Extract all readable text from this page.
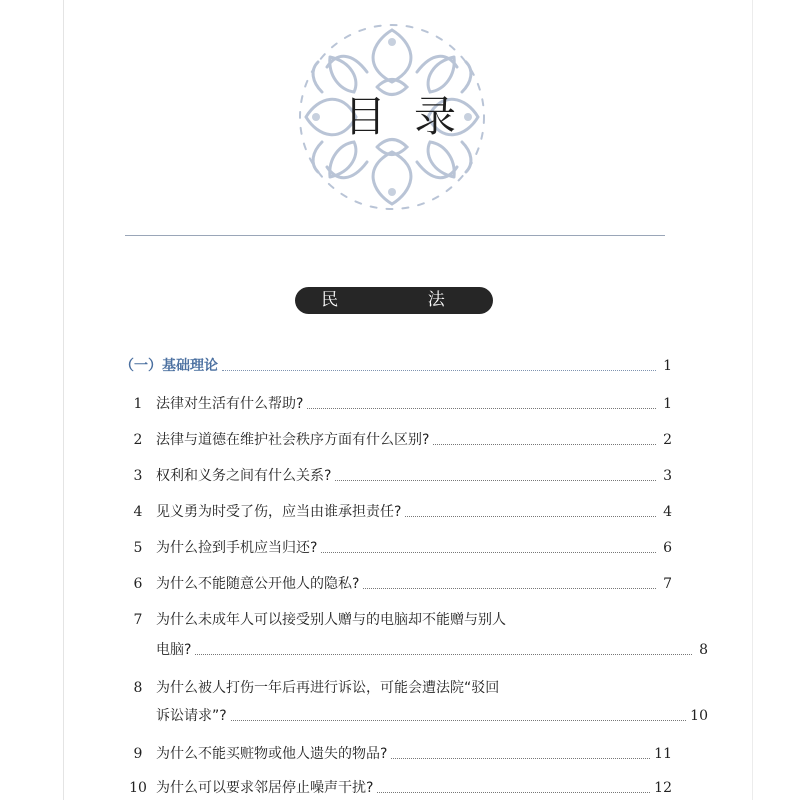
目录
民 法
（一）基础理论	1
1 法律对生活有什么帮助?	1
2 法律与道德在维护社会秩序方面有什么区别?	2
3 权利和义务之间有什么关系?	3
4 见义勇为时受了伤，应当由谁承担责任?	4
5 为什么捡到手机应当归还?	6
6 为什么不能随意公开他人的隐私?	7
7 为什么未成年人可以接受别人赠与的电脑却不能赠与别人
电脑?	8
8 为什么被人打伤一年后再进行诉讼，可能会遭法院“驳回
诉讼请求”?	10
9 为什么不能买赃物或他人遗失的物品?	11
10 为什么可以要求邻居停止噪声干扰?	12
